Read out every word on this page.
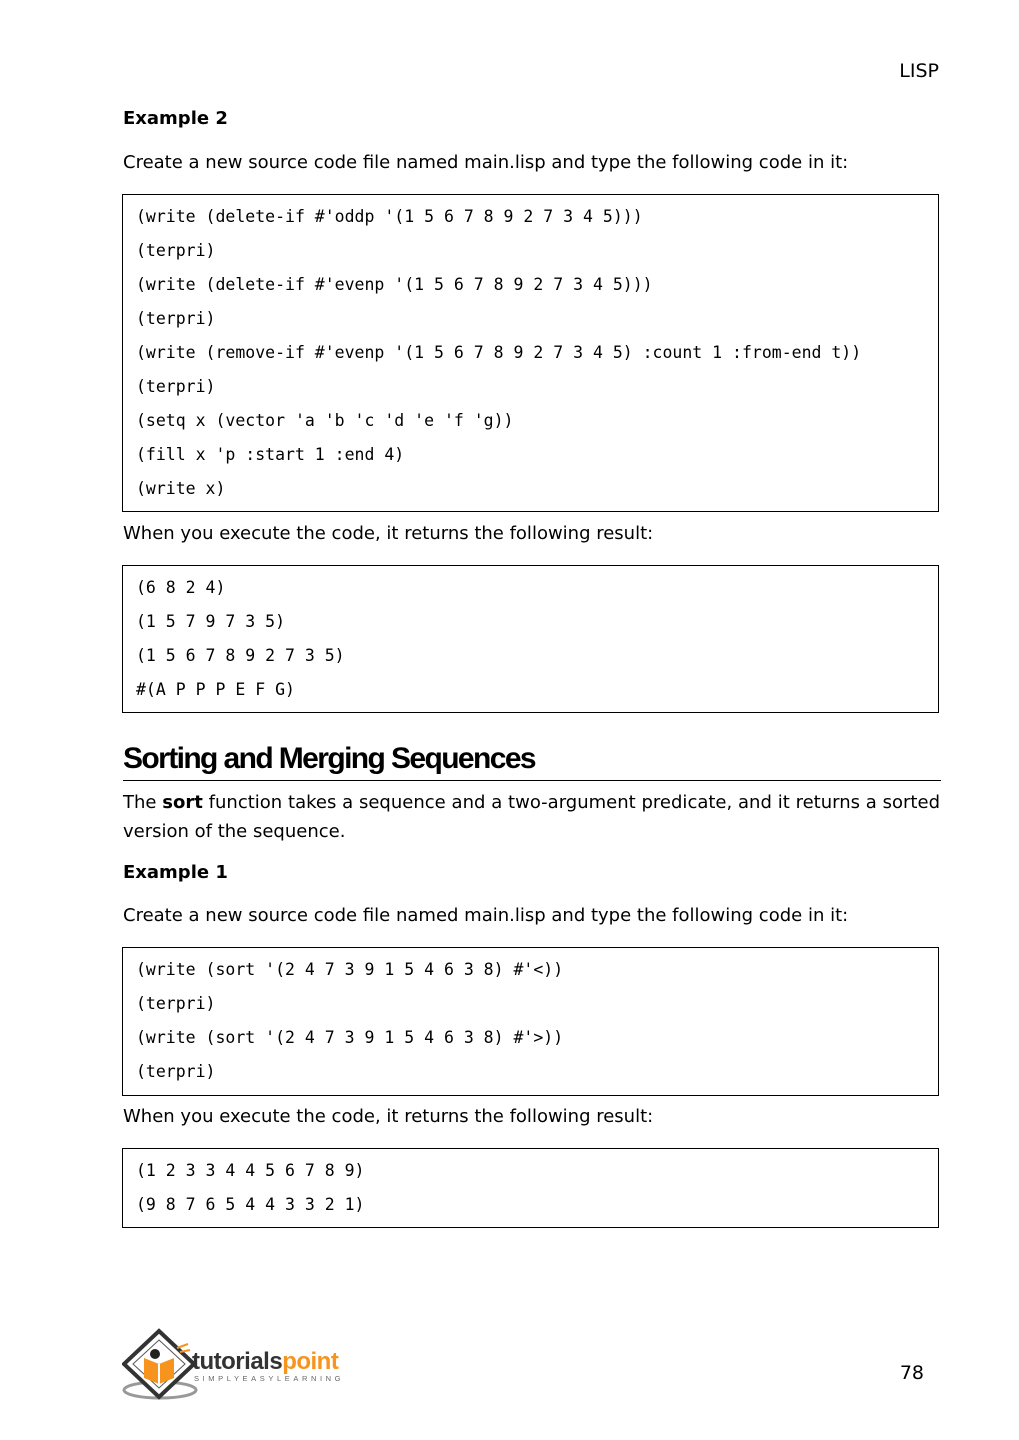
LISP
Example 2
Create a new source code file named main.lisp and type the following code in it:
(write (delete-if #'oddp '(1 5 6 7 8 9 2 7 3 4 5)))
(terpri)
(write (delete-if #'evenp '(1 5 6 7 8 9 2 7 3 4 5)))
(terpri)
(write (remove-if #'evenp '(1 5 6 7 8 9 2 7 3 4 5) :count 1 :from-end t))
(terpri)
(setq x (vector 'a 'b 'c 'd 'e 'f 'g))
(fill x 'p :start 1 :end 4)
(write x)
When you execute the code, it returns the following result:
(6 8 2 4)
(1 5 7 9 7 3 5)
(1 5 6 7 8 9 2 7 3 5)
#(A P P P E F G)
Sorting and Merging Sequences
The sort function takes a sequence and a two-argument predicate, and it returns a sorted version of the sequence.
Example 1
Create a new source code file named main.lisp and type the following code in it:
(write (sort '(2 4 7 3 9 1 5 4 6 3 8) #'<))
(terpri)
(write (sort '(2 4 7 3 9 1 5 4 6 3 8) #'>))
(terpri)
When you execute the code, it returns the following result:
(1 2 3 3 4 4 5 6 7 8 9)
(9 8 7 6 5 4 4 3 3 2 1)
tutorialspoint
SIMPLYEASYLEARNING	78
